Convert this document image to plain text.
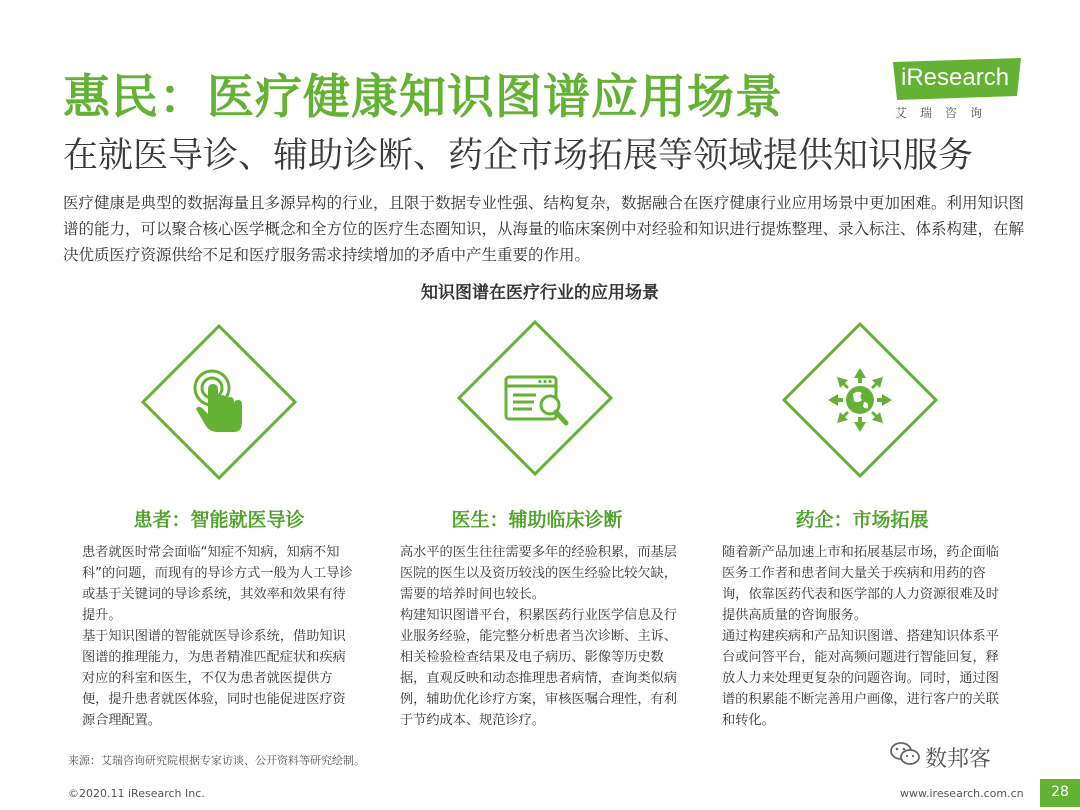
惠民：医疗健康知识图谱应用场景
在就医导诊、辅助诊断、药企市场拓展等领域提供知识服务
iResearch
艾瑞咨询
医疗健康是典型的数据海量且多源异构的行业，且限于数据专业性强、结构复杂，数据融合在医疗健康行业应用场景中更加困难。利用知识图谱的能力，可以聚合核心医学概念和全方位的医疗生态圈知识，从海量的临床案例中对经验和知识进行提炼整理、录入标注、体系构建，在解决优质医疗资源供给不足和医疗服务需求持续增加的矛盾中产生重要的作用。
知识图谱在医疗行业的应用场景
患者：智能就医导诊
患者就医时常会面临“知症不知病，知病不知科”的问题，而现有的导诊方式一般为人工导诊或基于关键词的导诊系统，其效率和效果有待提升。
基于知识图谱的智能就医导诊系统，借助知识图谱的推理能力，为患者精准匹配症状和疾病对应的科室和医生，不仅为患者就医提供方便，提升患者就医体验，同时也能促进医疗资源合理配置。
医生：辅助临床诊断
高水平的医生往往需要多年的经验积累，而基层医院的医生以及资历较浅的医生经验比较欠缺，需要的培养时间也较长。
构建知识图谱平台，积累医药行业医学信息及行业服务经验，能完整分析患者当次诊断、主诉、相关检验检查结果及电子病历、影像等历史数据，直观反映和动态推理患者病情，查询类似病例，辅助优化诊疗方案，审核医嘱合理性，有利于节约成本、规范诊疗。
药企：市场拓展
随着新产品加速上市和拓展基层市场，药企面临医务工作者和患者间大量关于疾病和用药的咨询，依靠医药代表和医学部的人力资源很难及时提供高质量的咨询服务。
通过构建疾病和产品知识图谱、搭建知识体系平台或问答平台，能对高频问题进行智能回复，释放人力来处理更复杂的问题咨询。同时，通过图谱的积累能不断完善用户画像，进行客户的关联和转化。
来源：艾瑞咨询研究院根据专家访谈、公开资料等研究绘制。
©2020.11 iResearch Inc.	www.iresearch.com.cn
数邦客
28
